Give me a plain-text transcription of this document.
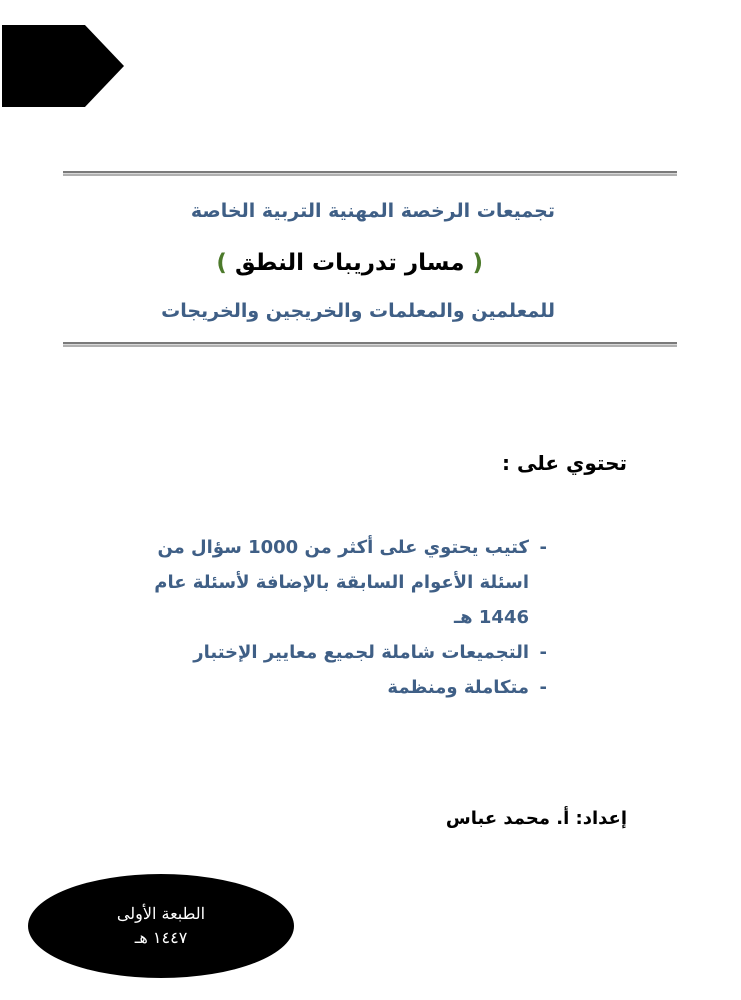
تجميعات الرخصة المهنية التربية الخاصة
( مسار تدريبات النطق )
للمعلمين والمعلمات والخريجين والخريجات
تحتوي على :
-
كتيب يحتوي على أكثر من 1000 سؤال من اسئلة الأعوام السابقة بالإضافة لأسئلة عام 1446 هـ
-
التجميعات شاملة لجميع معايير الإختبار
-
متكاملة ومنظمة
إعداد: أ. محمد عباس
الطبعة الأولى
١٤٤٧ هـ
